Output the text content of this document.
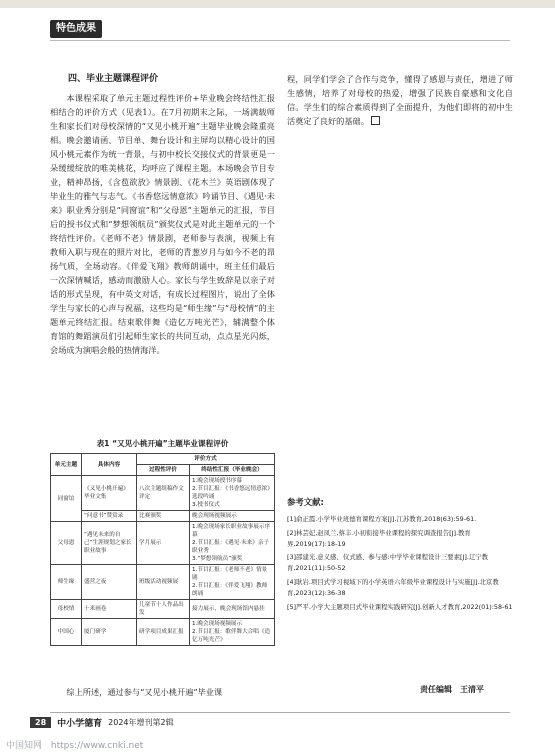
特色成果
四、毕业主题课程评价

本课程采取了单元主题过程性评价+毕业晚会终结性汇报相结合的评价方式（见表1）。在7月初期末之际，一场满载师生和家长们对母校深情的“又见小桃开遍”主题毕业晚会隆重亮相。晚会邀请函、节目单、舞台设计和主屏均以精心设计的国风小桃元素作为统一背景，与初中校长交接仪式的背景更是一朵缓缓绽放的唯美桃花，均呼应了课程主题。本场晚会节目专业，精神昂扬，《含苞欲放》情景剧、《花木兰》英语剧体现了毕业生的雅气与志气。《书香悠远情意浓》吟诵节目、《遇见·未来》职业秀分别是“同窗谊”和“父母恩”主题单元的汇报，节目后的授书仪式和“梦想领航员”颁奖仪式是对此主题单元的一个终结性评价。《老师不老》情景剧，老师参与表演，视频上有教师入职与现在的照片对比，老师的青葱岁月与如今不老的昂扬气质，全场动容。《伴爱飞翔》教师朗诵中，班主任们最后一次深情喊话，感动而激励人心。家长与学生致辞是以亲子对话的形式呈现，有中英文对话，有成长过程图片，说出了全体学生与家长的心声与祝福，这些均是“师生缘”与“母校情”的主题单元终结汇报。结束歌伴舞《造亿万吨光芒》，辅满整个体育馆的舞蹈演员们引起师生家长的共同互动，点点星光闪烁，会场成为演唱会般的热情海洋。

程，同学们学会了合作与竞争，懂得了感恩与责任，增进了师生感情，培养了对母校的热爱，增强了民族自豪感和文化自信。学生们的综合素质得到了全面提升，为他们即将的初中生活奠定了良好的基础。

表1 “又见小桃开遍”主题毕业课程评价
单元主题	具体内容	评价方式	
		过程性评价	终结性汇报（毕业晚会）
同窗谊	《又见小桃开遍》毕业文集	八次主题组稿作文评定	1.晚会现场授书序幕
2.节目汇报：《书香悠远情意浓》选段吟诵
3.授书仪式

	“问意书”赞赏录	比赛颁奖	晚会现场视频展示
父母恩	“遇见未来的自己”生涯规划之家长职业故事	学月展示	1.晚会现场家长职业故事展示序幕
2.节目汇报：《遇见·未来》亲子职业秀
3.“梦想领航员”颁奖

师生缘	盛营之夜	班级活动视频展	1.节目汇报：《老师不老》情景剧
2.节目汇报：《伴爱飞翔》教师朗诵

母校情	十米画卷	儿童节十人作品出发	接力展示，晚会现场馆内悬挂
中国心	厦门研学	研学项目成果汇报	1.晚会现场视频展示
2.节目汇报：歌伴舞大合唱《造亿万吨光芒》
综上所述，通过参与“又见小桃开遍”毕业课
参考文献:
[1]俞正霞.小学毕业班德育课程方案[J].江苏教育,2018(63):59-61.
[2]林芸妃,赵凤兰,蔡丰.小初衔接毕业课程的探究调查报告[J].教育界,2019(17):18-19
[3]邵建光.意义感、仪式感、参与感:中学毕业课程设计三要素[J].辽宁教育,2021(11):50-52
[4]耿岩.项目式学习视域下的小学英语六年级毕业课程设计与实施[J].北京教育,2023(12):36-38
[5]严平.小学大主题项目式毕业课程实践研究[J].创新人才教育,2022(01):58-61
责任编辑　王清平
28	中小学德育 2024年增刊第2辑
中国知网 https://www.cnki.net
